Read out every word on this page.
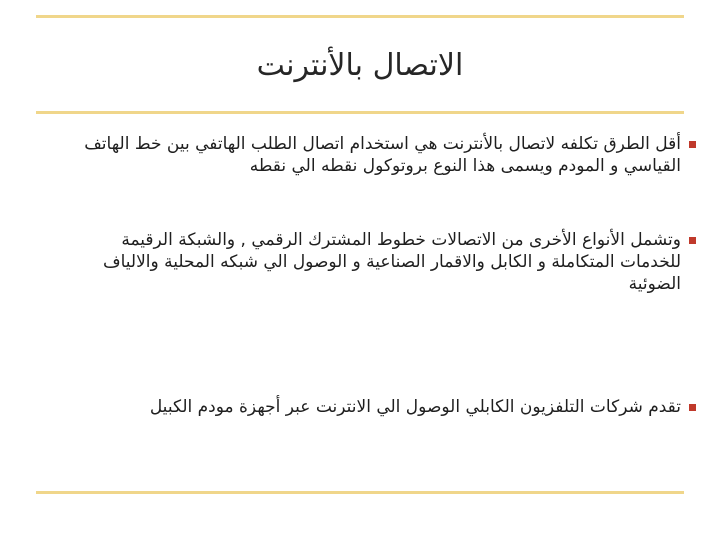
الاتصال بالأنترنت
أقل الطرق تكلفه لاتصال بالأنترنت هي استخدام اتصال الطلب الهاتفي بين خط الهاتف القياسي و المودم ويسمى هذا النوع بروتوكول نقطه الي نقطه
وتشمل الأنواع الأخرى من الاتصالات خطوط المشترك الرقمي , والشبكة الرقيمة للخدمات المتكاملة و الكابل والاقمار الصناعية و الوصول الي شبكه المحلية والالياف الضوئية
تقدم شركات التلفزيون الكابلي الوصول الي الانترنت عبر أجهزة مودم الكبيل
